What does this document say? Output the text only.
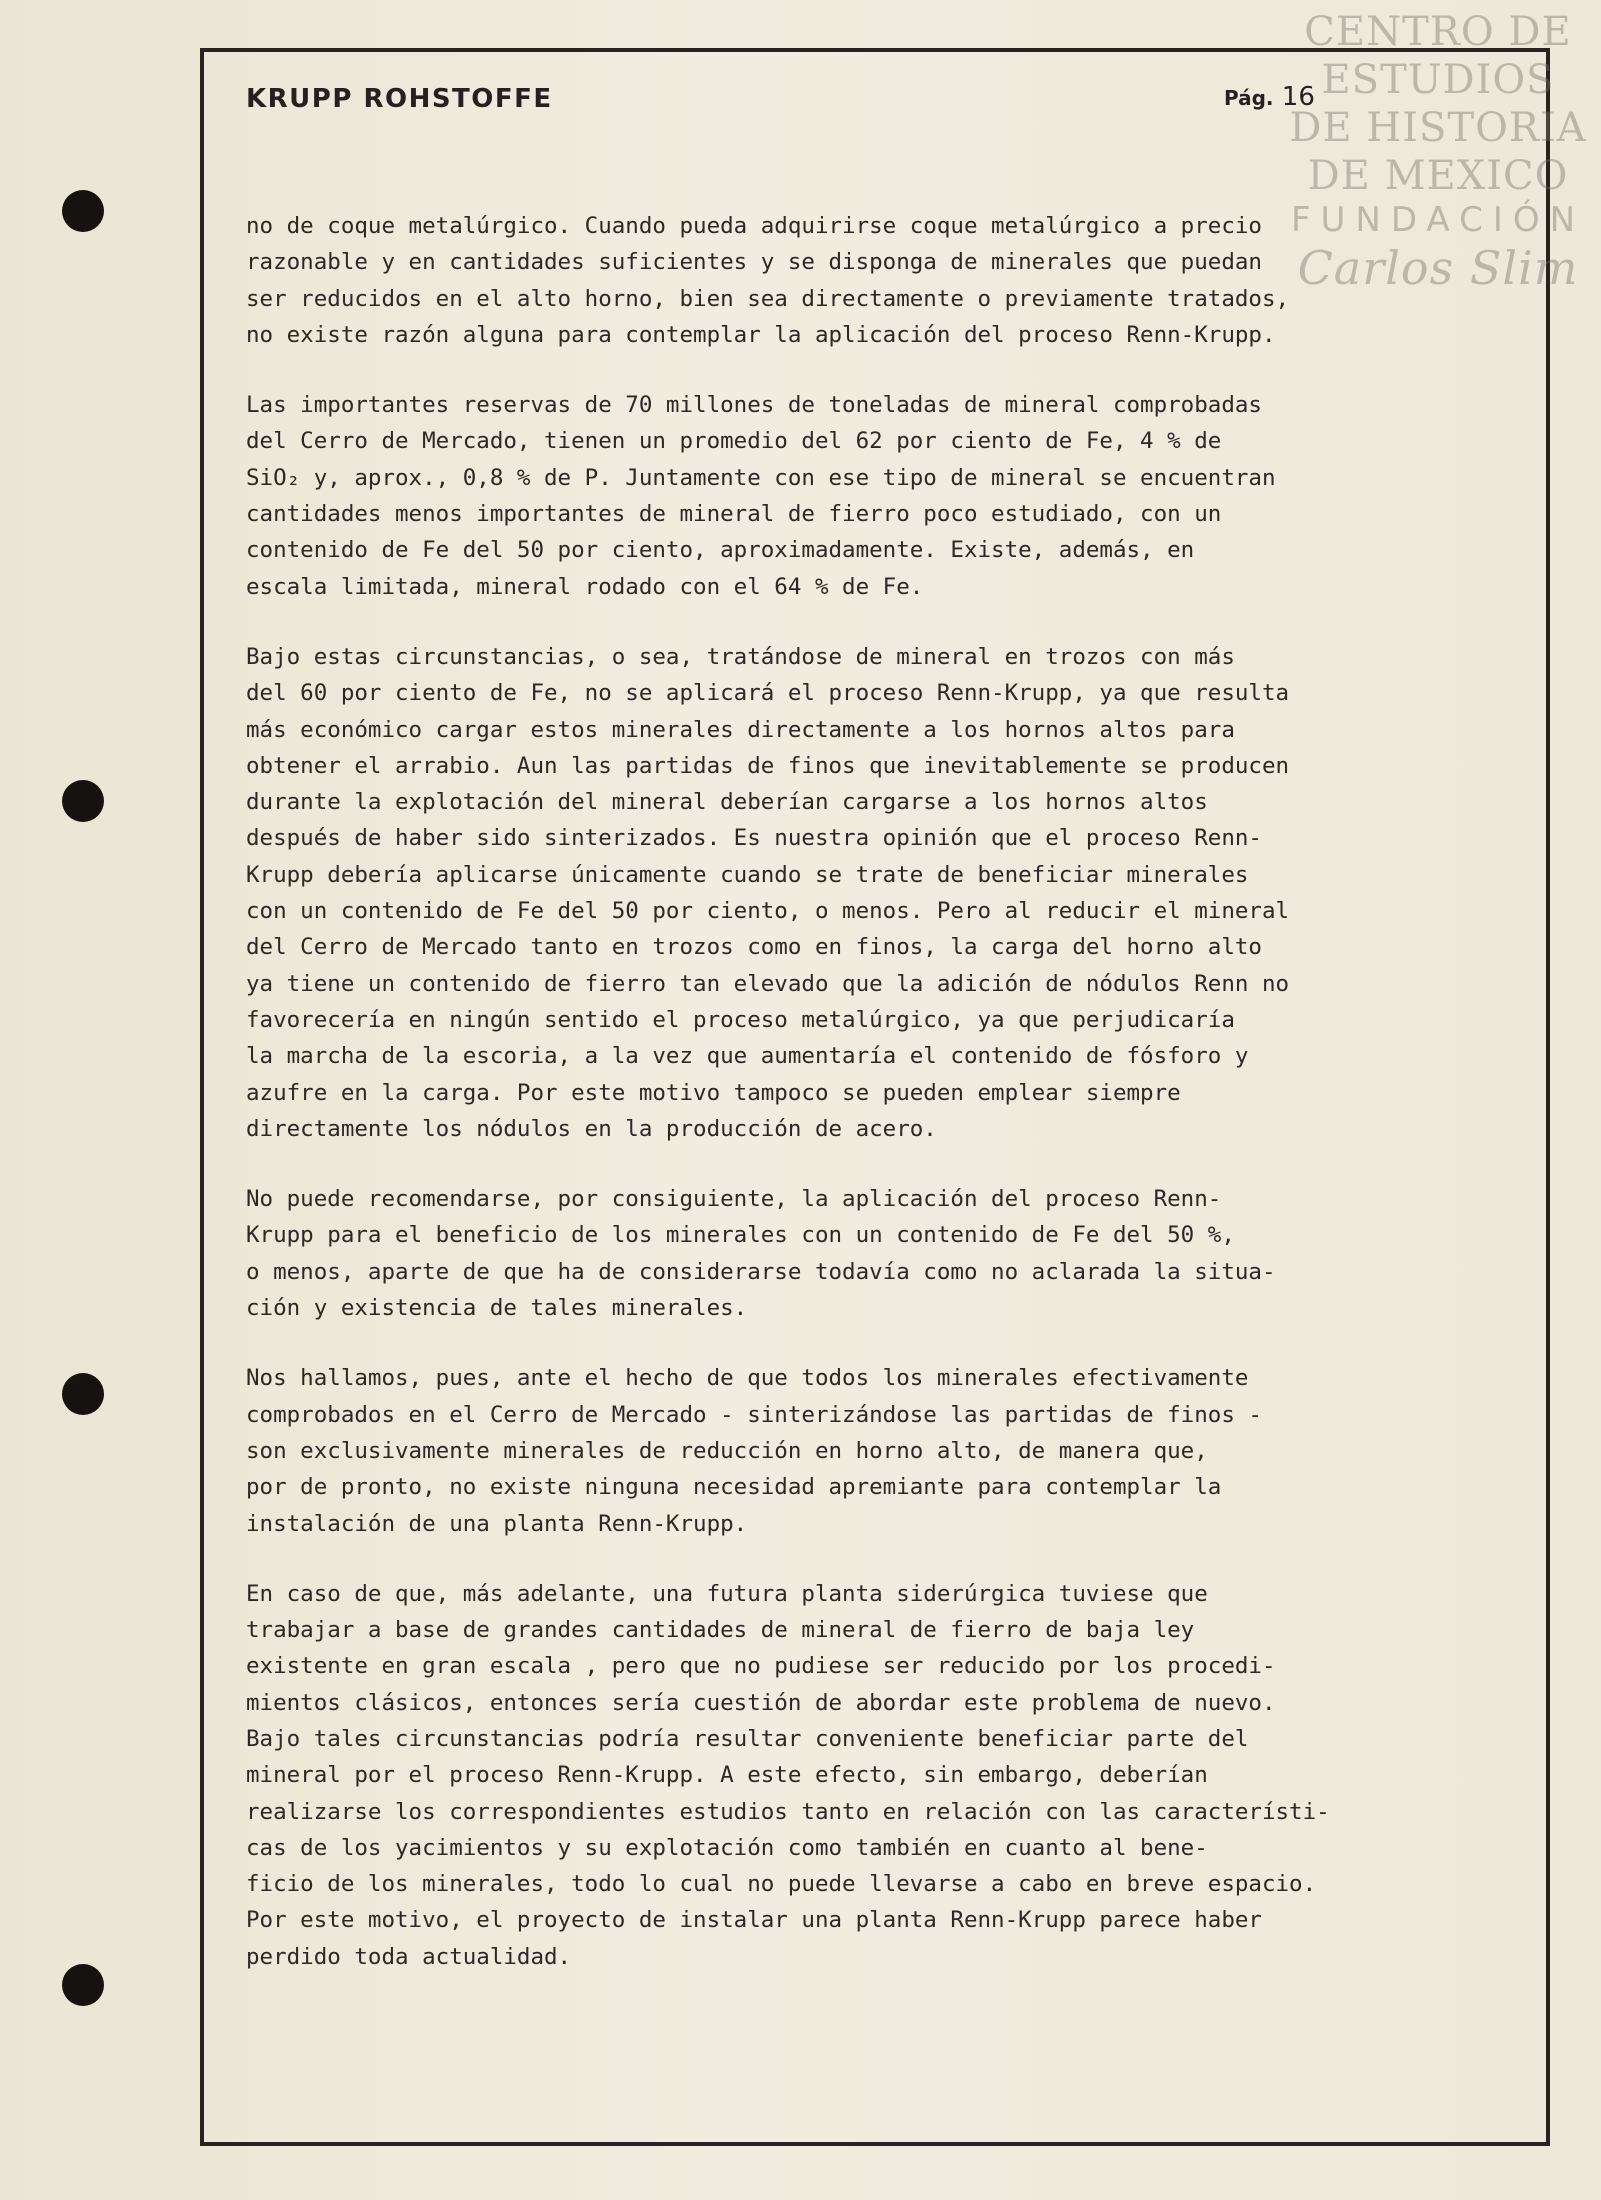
KRUPP ROHSTOFFE	Pág. 16
CENTRO DE
ESTUDIOS
DE HISTORIA
DE MEXICO
FUNDACIÓN
Carlos Slim
no de coque metalúrgico. Cuando pueda adquirirse coque metalúrgico a precio
razonable y en cantidades suficientes y se disponga de minerales que puedan
ser reducidos en el alto horno, bien sea directamente o previamente tratados,
no existe razón alguna para contemplar la aplicación del proceso Renn-Krupp.
Las importantes reservas de 70 millones de toneladas de mineral comprobadas
del Cerro de Mercado, tienen un promedio del 62 por ciento de Fe, 4 % de
SiO₂ y, aprox., 0,8 % de P. Juntamente con ese tipo de mineral se encuentran
cantidades menos importantes de mineral de fierro poco estudiado, con un
contenido de Fe del 50 por ciento, aproximadamente. Existe, además, en
escala limitada, mineral rodado con el 64 % de Fe.
Bajo estas circunstancias, o sea, tratándose de mineral en trozos con más
del 60 por ciento de Fe, no se aplicará el proceso Renn-Krupp, ya que resulta
más económico cargar estos minerales directamente a los hornos altos para
obtener el arrabio. Aun las partidas de finos que inevitablemente se producen
durante la explotación del mineral deberían cargarse a los hornos altos
después de haber sido sinterizados. Es nuestra opinión que el proceso Renn-
Krupp debería aplicarse únicamente cuando se trate de beneficiar minerales
con un contenido de Fe del 50 por ciento, o menos. Pero al reducir el mineral
del Cerro de Mercado tanto en trozos como en finos, la carga del horno alto
ya tiene un contenido de fierro tan elevado que la adición de nódulos Renn no
favorecería en ningún sentido el proceso metalúrgico, ya que perjudicaría
la marcha de la escoria, a la vez que aumentaría el contenido de fósforo y
azufre en la carga. Por este motivo tampoco se pueden emplear siempre
directamente los nódulos en la producción de acero.
No puede recomendarse, por consiguiente, la aplicación del proceso Renn-
Krupp para el beneficio de los minerales con un contenido de Fe del 50 %,
o menos, aparte de que ha de considerarse todavía como no aclarada la situa-
ción y existencia de tales minerales.
Nos hallamos, pues, ante el hecho de que todos los minerales efectivamente
comprobados en el Cerro de Mercado - sinterizándose las partidas de finos -
son exclusivamente minerales de reducción en horno alto, de manera que,
por de pronto, no existe ninguna necesidad apremiante para contemplar la
instalación de una planta Renn-Krupp.
En caso de que, más adelante, una futura planta siderúrgica tuviese que
trabajar a base de grandes cantidades de mineral de fierro de baja ley
existente en gran escala , pero que no pudiese ser reducido por los procedi-
mientos clásicos, entonces sería cuestión de abordar este problema de nuevo.
Bajo tales circunstancias podría resultar conveniente beneficiar parte del
mineral por el proceso Renn-Krupp. A este efecto, sin embargo, deberían
realizarse los correspondientes estudios tanto en relación con las característi-
cas de los yacimientos y su explotación como también en cuanto al bene-
ficio de los minerales, todo lo cual no puede llevarse a cabo en breve espacio.
Por este motivo, el proyecto de instalar una planta Renn-Krupp parece haber
perdido toda actualidad.
